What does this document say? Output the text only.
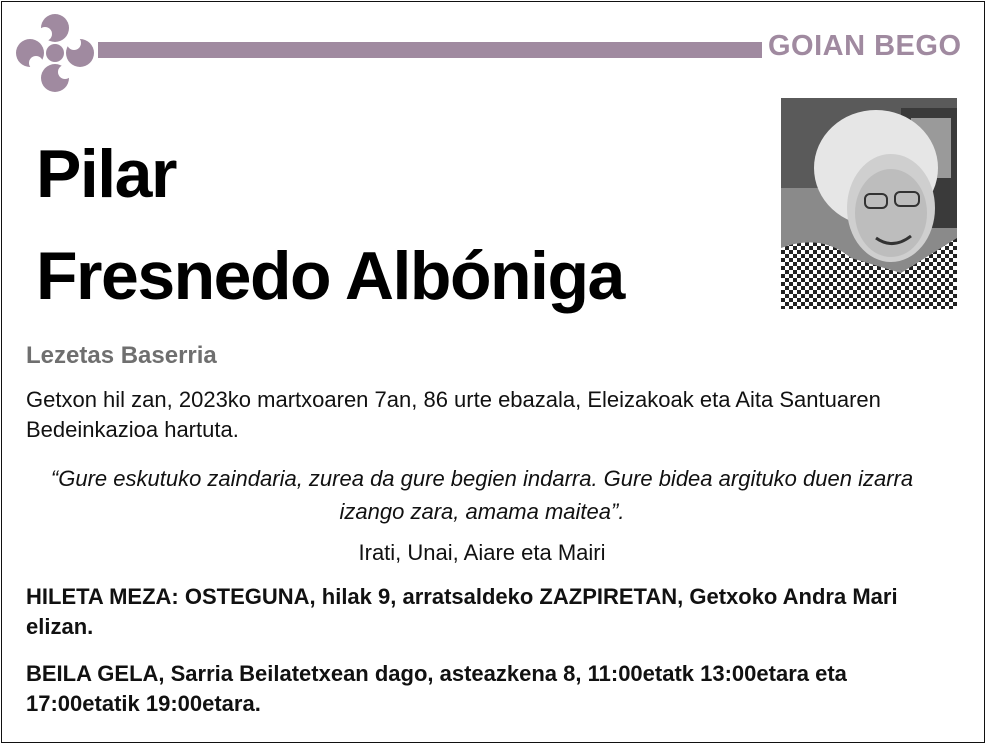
GOIAN BEGO
Pilar
Fresnedo Albóniga
Lezetas Baserria
Getxon hil zan, 2023ko martxoaren 7an, 86 urte ebazala, Eleizakoak eta Aita Santuaren Bedeinkazioa hartuta.
“Gure eskutuko zaindaria, zurea da gure begien indarra. Gure bidea argituko duen izarra izango zara, amama maitea”.
Irati, Unai, Aiare eta Mairi
HILETA MEZA: OSTEGUNA, hilak 9, arratsaldeko ZAZPIRETAN, Getxoko Andra Mari elizan.
BEILA GELA, Sarria Beilatetxean dago, asteazkena 8, 11:00etatk 13:00etara eta 17:00etatik 19:00etara.
